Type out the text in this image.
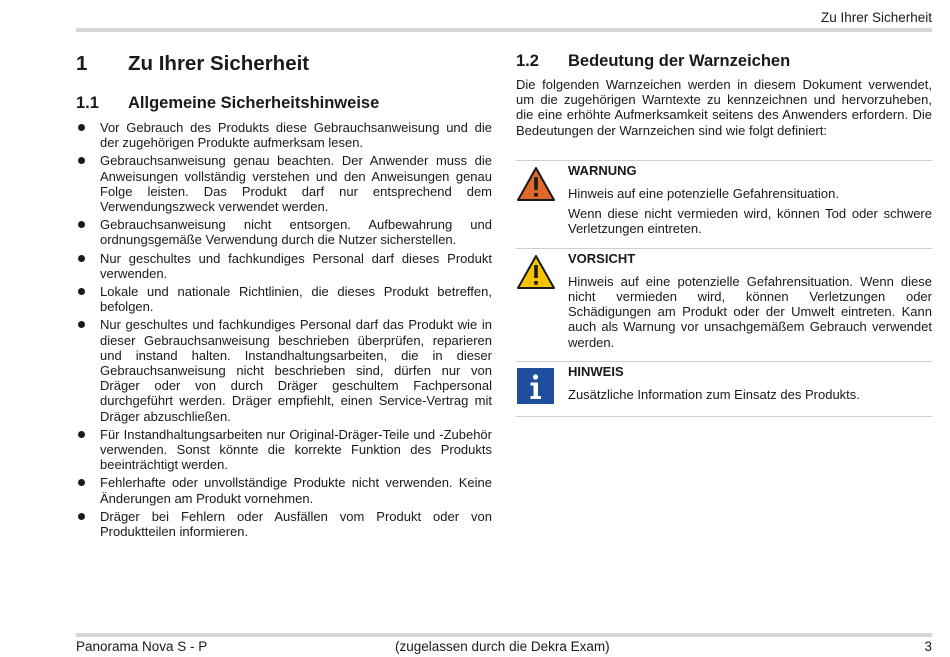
Zu Ihrer Sicherheit
1	Zu Ihrer Sicherheit
1.1	Allgemeine Sicherheitshinweise
Vor Gebrauch des Produkts diese Gebrauchsanweisung und die der zugehörigen Produkte aufmerksam lesen.
Gebrauchsanweisung genau beachten. Der Anwender muss die Anweisungen vollständig verstehen und den Anweisungen genau Folge leisten. Das Produkt darf nur entsprechend dem Verwendungszweck verwendet werden.
Gebrauchsanweisung nicht entsorgen. Aufbewahrung und ordnungsgemäße Verwendung durch die Nutzer sicherstellen.
Nur geschultes und fachkundiges Personal darf dieses Produkt verwenden.
Lokale und nationale Richtlinien, die dieses Produkt betreffen, befolgen.
Nur geschultes und fachkundiges Personal darf das Produkt wie in dieser Gebrauchsanweisung beschrieben überprüfen, reparieren und instand halten. Instandhaltungsarbeiten, die in dieser Gebrauchsanweisung nicht beschrieben sind, dürfen nur von Dräger oder von durch Dräger geschultem Fachpersonal durchgeführt werden. Dräger empfiehlt, einen Service-Vertrag mit Dräger abzuschließen.
Für Instandhaltungsarbeiten nur Original-Dräger-Teile und -Zubehör verwenden. Sonst könnte die korrekte Funktion des Produkts beeinträchtigt werden.
Fehlerhafte oder unvollständige Produkte nicht verwenden. Keine Änderungen am Produkt vornehmen.
Dräger bei Fehlern oder Ausfällen vom Produkt oder von Produktteilen informieren.
1.2	Bedeutung der Warnzeichen

Die folgenden Warnzeichen werden in diesem Dokument verwendet, um die zugehörigen Warntexte zu kennzeichnen und hervorzuheben, die eine erhöhte Aufmerksamkeit seitens des Anwenders erfordern. Die Bedeutungen der Warnzeichen sind wie folgt definiert:

WARNUNG

Hinweis auf eine potenzielle Gefahrensituation.

Wenn diese nicht vermieden wird, können Tod oder schwere Verletzungen eintreten.

VORSICHT

Hinweis auf eine potenzielle Gefahrensituation. Wenn diese nicht vermieden wird, können Verletzungen oder Schädigungen am Produkt oder der Umwelt eintreten. Kann auch als Warnung vor unsachgemäßem Gebrauch verwendet werden.

HINWEIS

Zusätzliche Information zum Einsatz des Produkts.

Panorama Nova S - P	(zugelassen durch die Dekra Exam)	3
